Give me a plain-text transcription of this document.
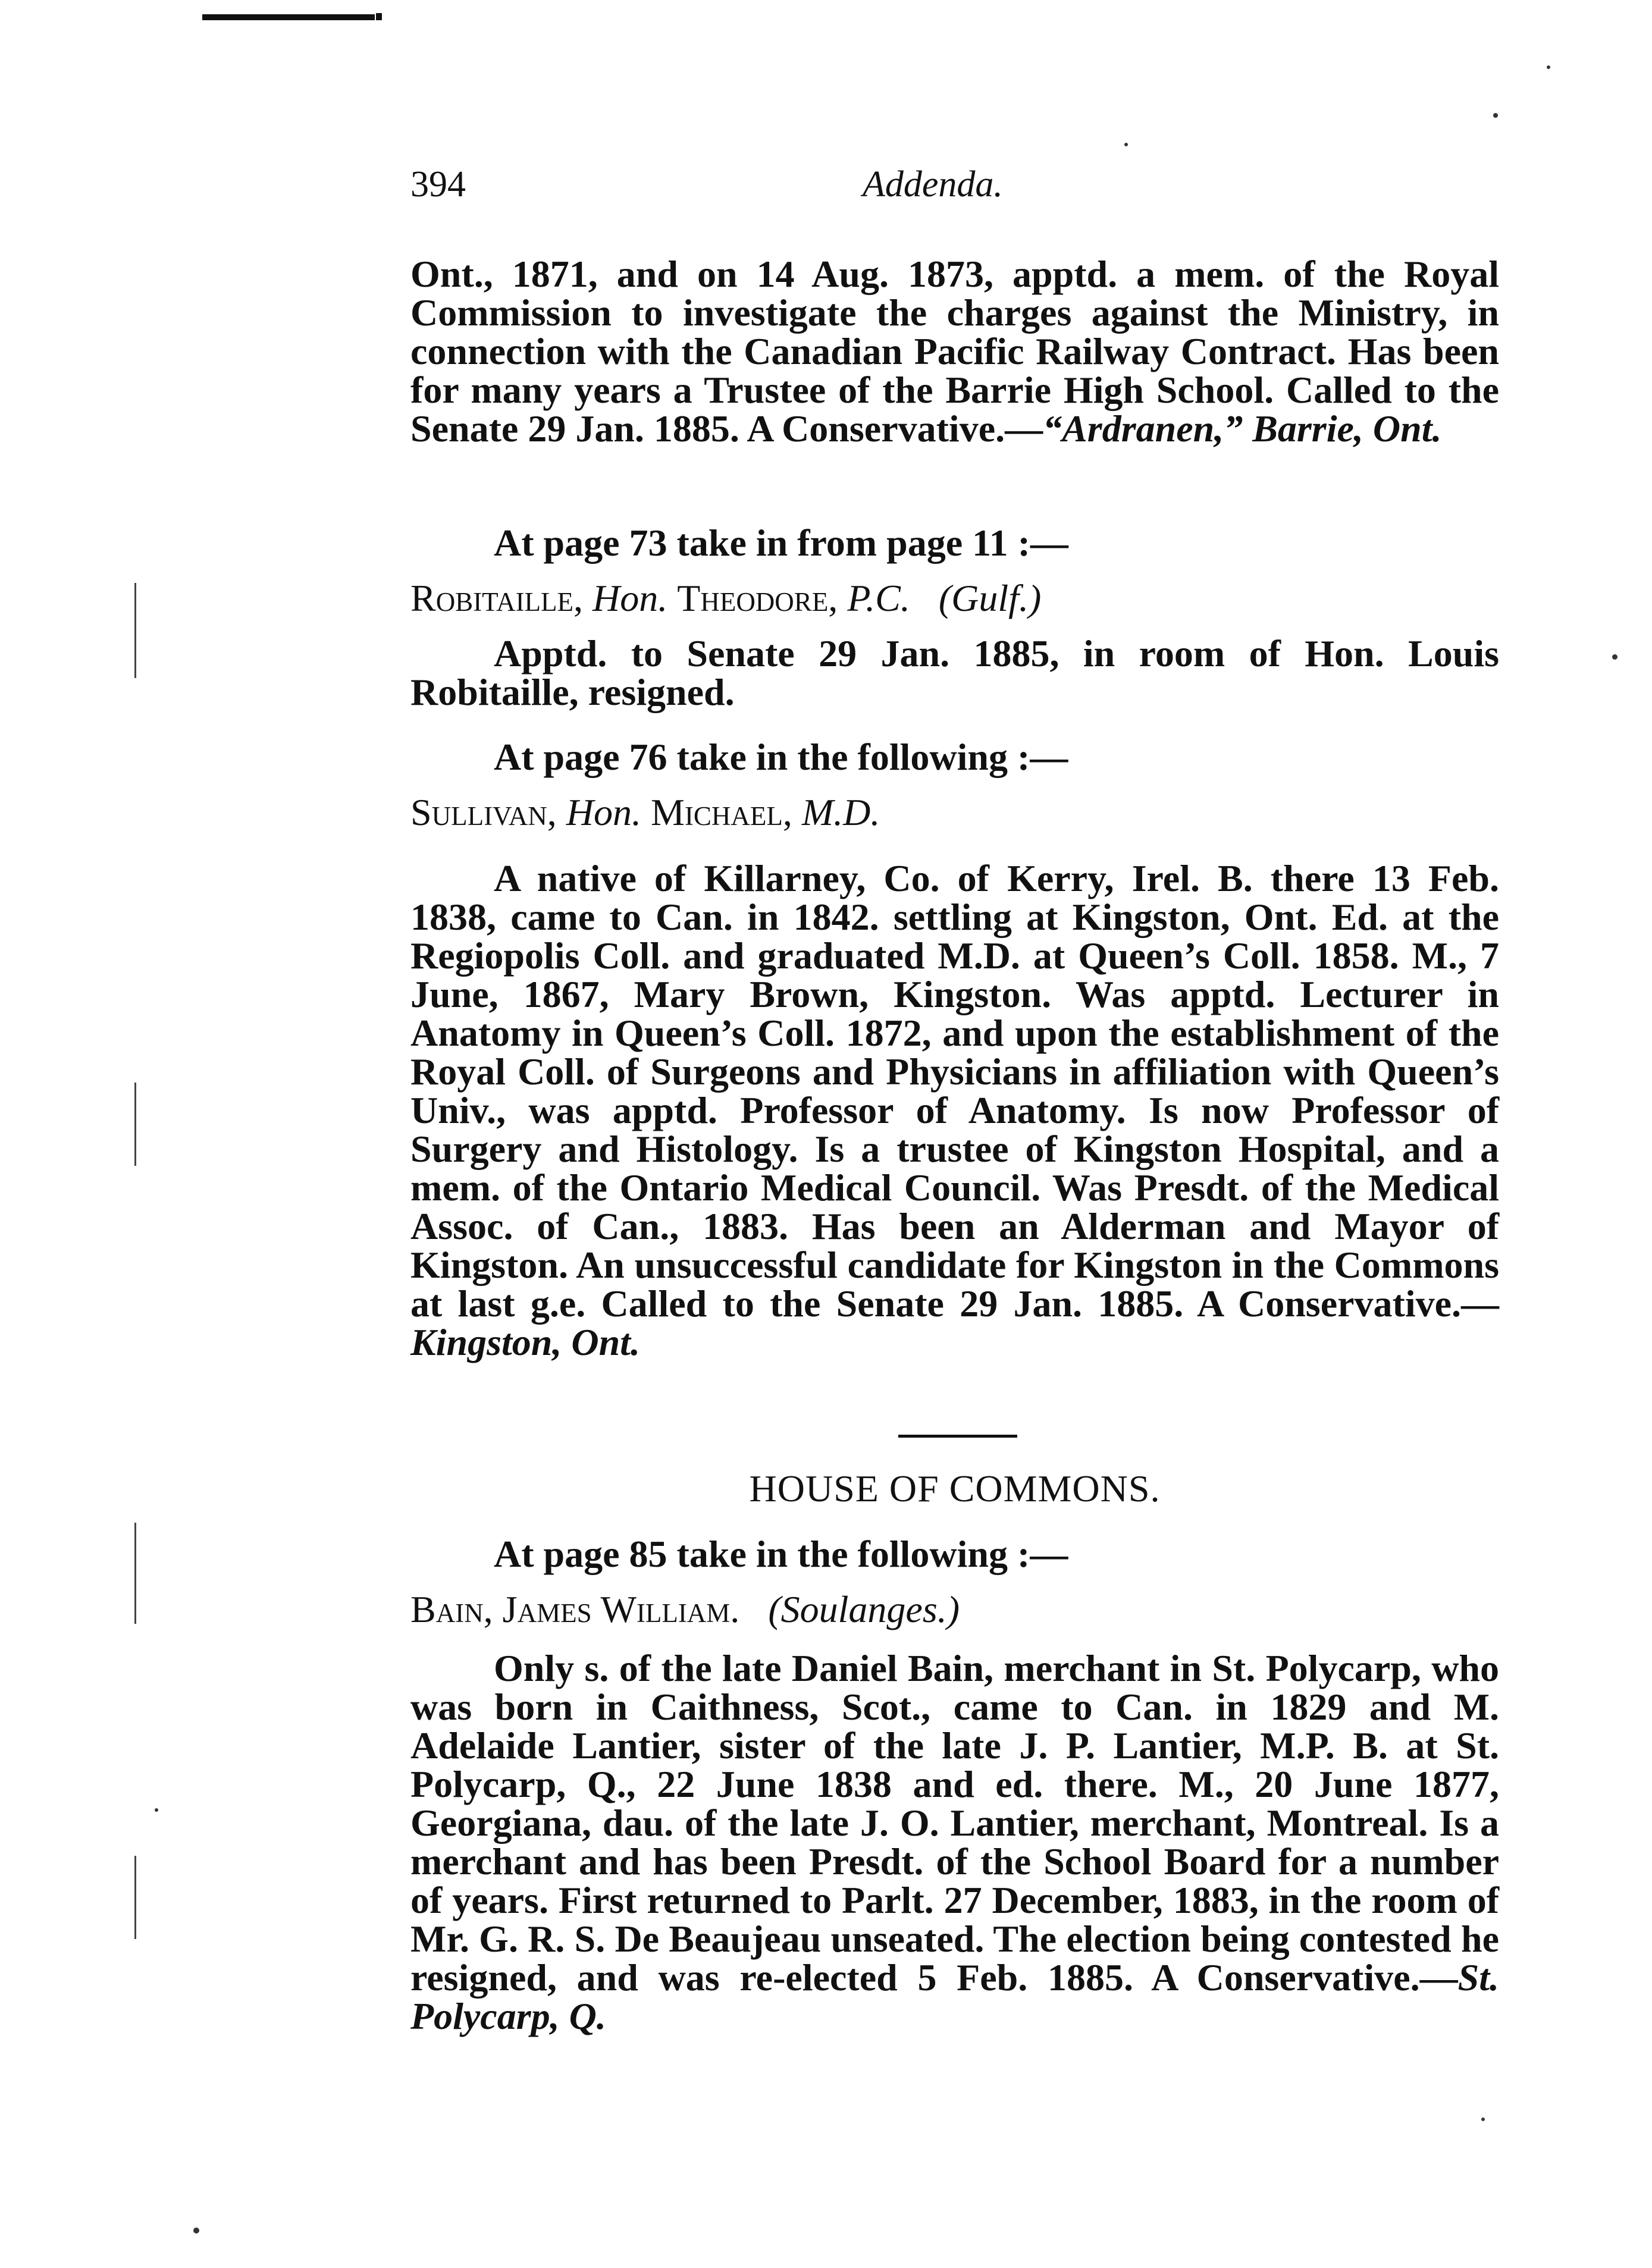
394	Addenda.

Ont., 1871, and on 14 Aug. 1873, apptd. a mem. of the Royal Commission to investigate the charges against the Ministry, in connection with the Canadian Pacific Railway Contract. Has been for many years a Trustee of the Barrie High School. Called to the Senate 29 Jan. 1885. A Conservative.—“Ardranen,” Barrie, Ont.

At page 73 take in from page 11 :—

Robitaille, Hon. Theodore, P.C. (Gulf.)

Apptd. to Senate 29 Jan. 1885, in room of Hon. Louis Robitaille, resigned.

At page 76 take in the following :—

Sullivan, Hon. Michael, M.D.

A native of Killarney, Co. of Kerry, Irel. B. there 13 Feb. 1838, came to Can. in 1842. settling at Kingston, Ont. Ed. at the Regiopolis Coll. and graduated M.D. at Queen’s Coll. 1858. M., 7 June, 1867, Mary Brown, Kingston. Was apptd. Lecturer in Anatomy in Queen’s Coll. 1872, and upon the establishment of the Royal Coll. of Surgeons and Physicians in affiliation with Queen’s Univ., was apptd. Professor of Anatomy. Is now Professor of Surgery and Histology. Is a trustee of Kingston Hospital, and a mem. of the Ontario Medical Council. Was Presdt. of the Medical Assoc. of Can., 1883. Has been an Alderman and Mayor of Kingston. An unsuccessful candidate for Kingston in the Commons at last g.e. Called to the Senate 29 Jan. 1885. A Conservative.—Kingston, Ont.

HOUSE OF COMMONS.

At page 85 take in the following :—

Bain, James William. (Soulanges.)

Only s. of the late Daniel Bain, merchant in St. Polycarp, who was born in Caithness, Scot., came to Can. in 1829 and M. Adelaide Lantier, sister of the late J. P. Lantier, M.P. B. at St. Polycarp, Q., 22 June 1838 and ed. there. M., 20 June 1877, Georgiana, dau. of the late J. O. Lantier, merchant, Montreal. Is a merchant and has been Presdt. of the School Board for a number of years. First returned to Parlt. 27 December, 1883, in the room of Mr. G. R. S. De Beaujeau unseated. The election being contested he resigned, and was re-elected 5 Feb. 1885. A Conservative.—St. Polycarp, Q.
